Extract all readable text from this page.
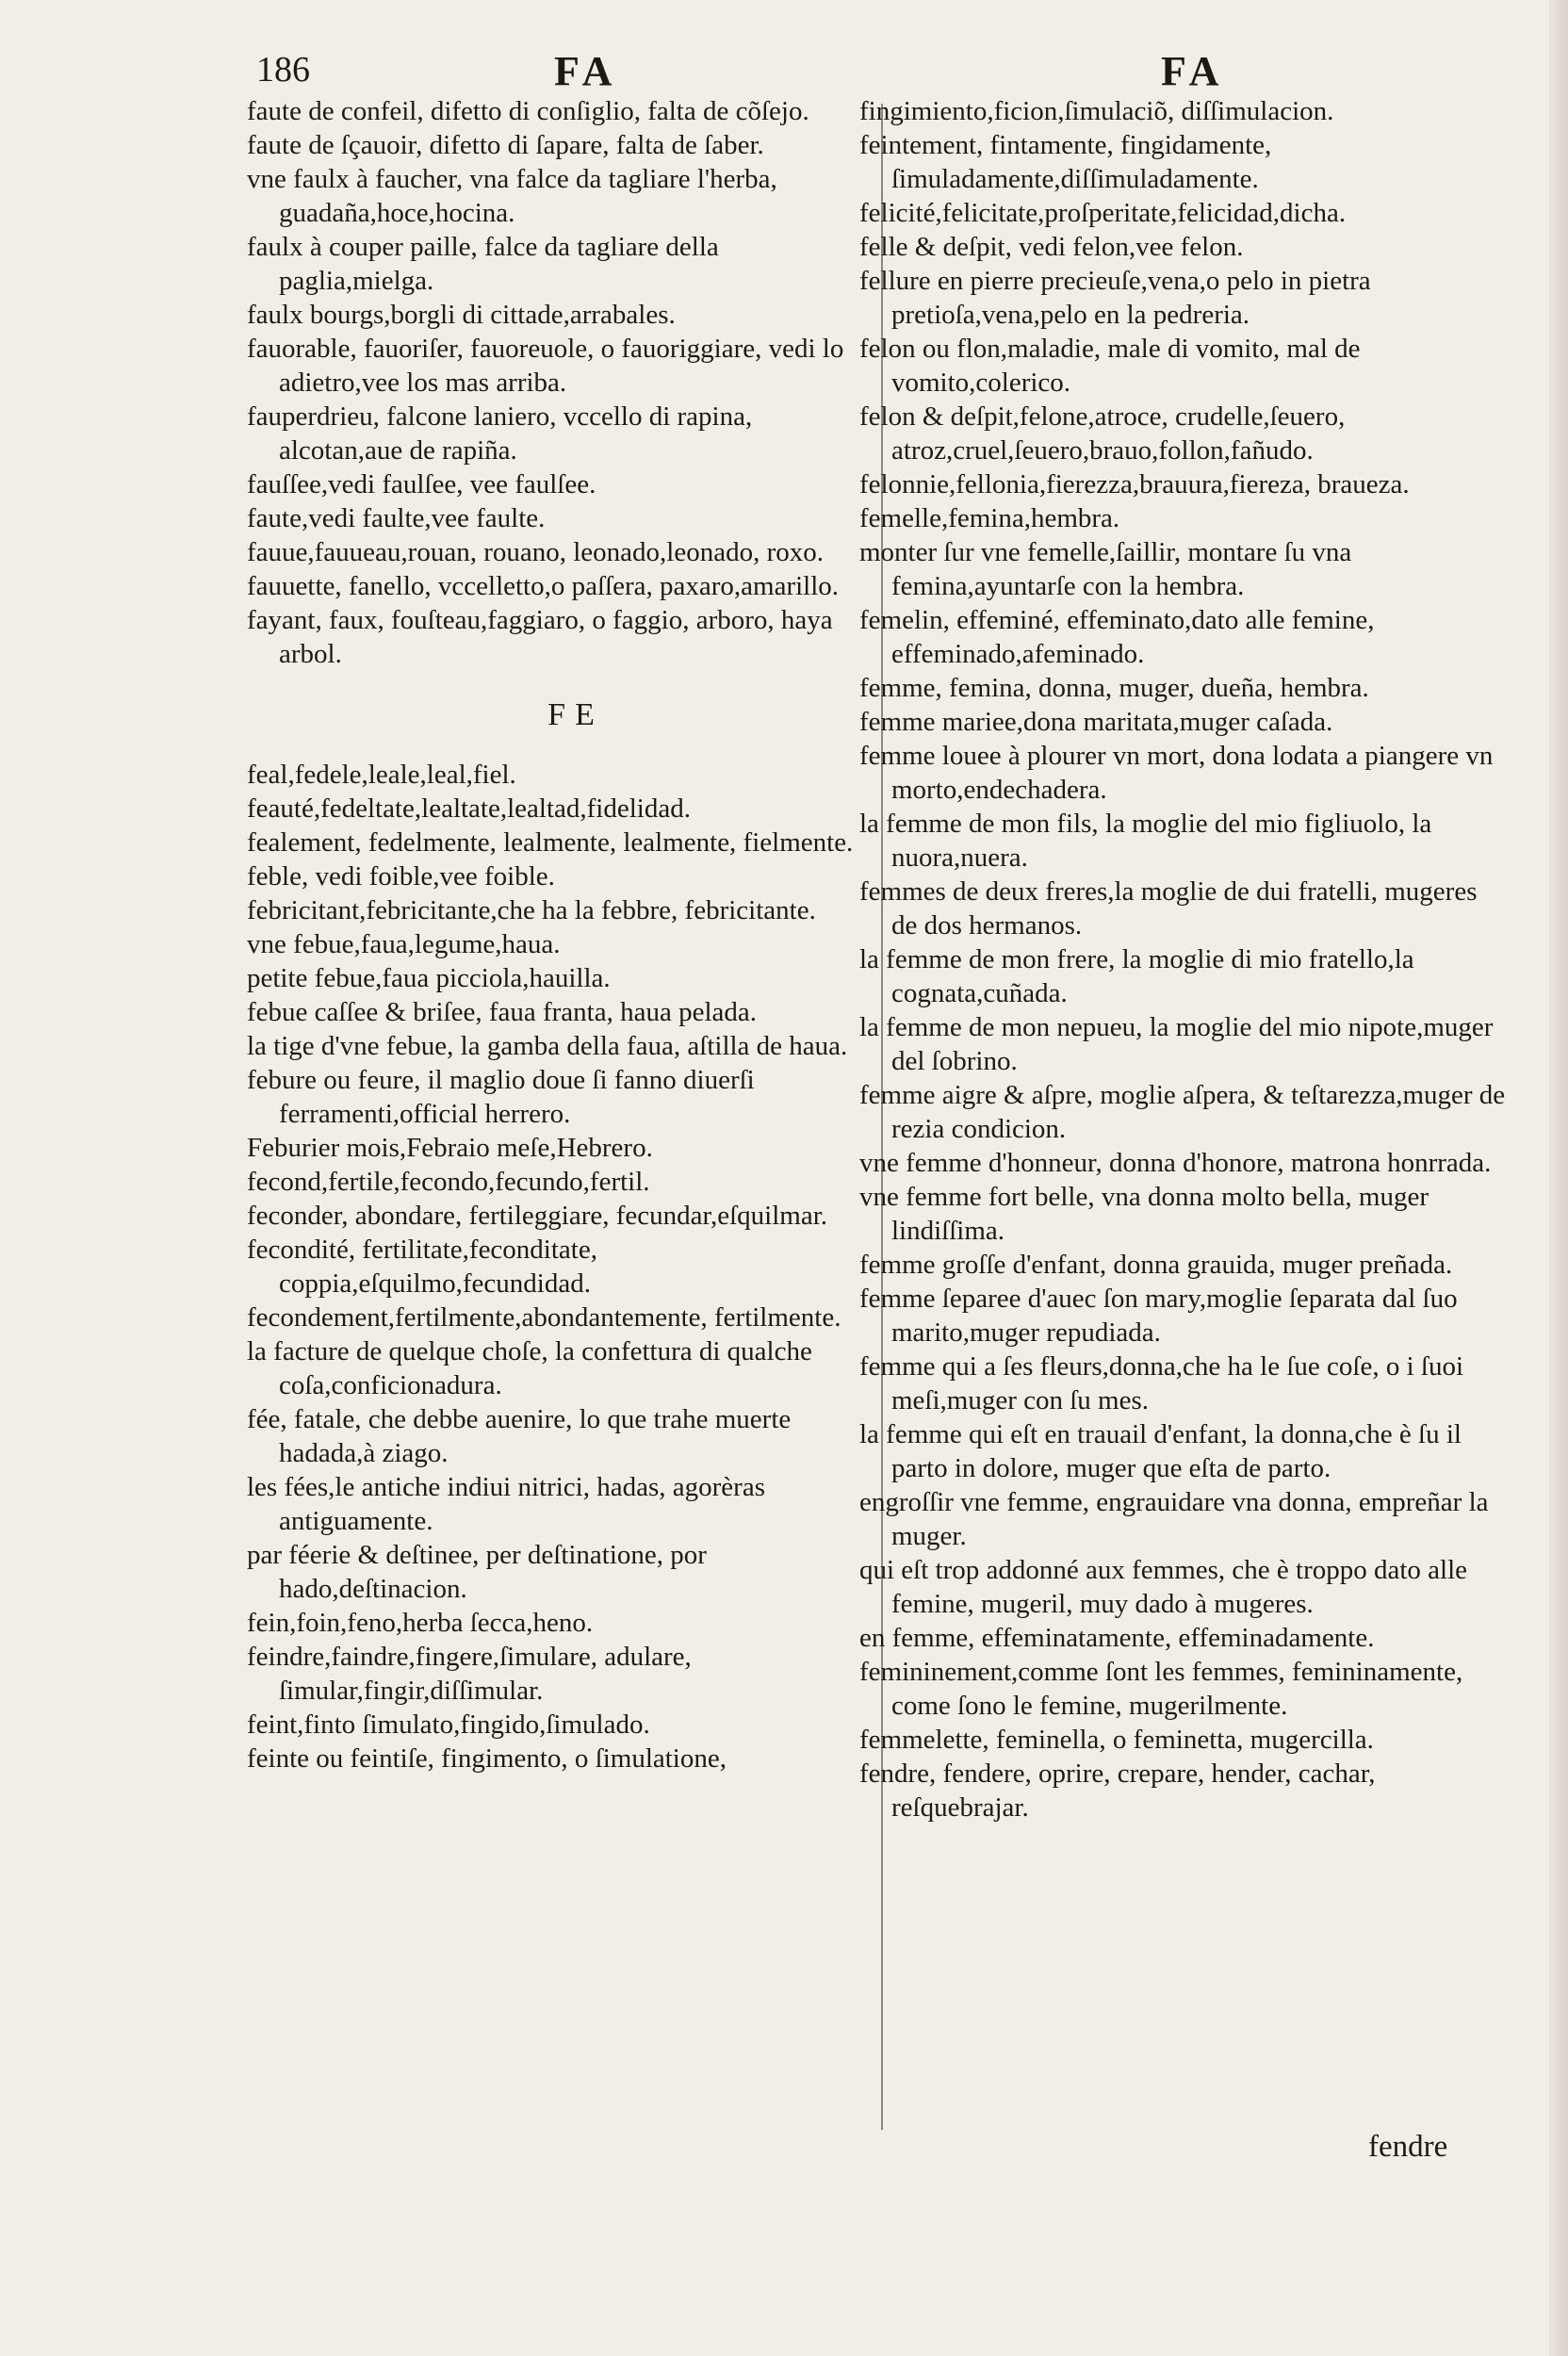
186	FA	FA

faute de confeil, difetto di conſiglio, falta de cõſejo.

faute de ſçauoir, difetto di ſapare, falta de ſaber.

vne faulx à faucher, vna falce da tagliare l'herba, guadaña,hoce,hocina.

faulx à couper paille, falce da tagliare della paglia,mielga.

faulx bourgs,borgli di cittade,arrabales.

fauorable, fauoriſer, fauoreuole, o fauoriggiare, vedi lo adietro,vee los mas arriba.

fauperdrieu, falcone laniero, vccello di rapina, alcotan,aue de rapiña.

fauſſee,vedi faulſee, vee faulſee.

faute,vedi faulte,vee faulte.

fauue,fauueau,rouan, rouano, leonado,leonado, roxo.

fauuette, fanello, vccelletto,o paſſera, paxaro,amarillo.

fayant, faux, fouſteau,faggiaro, o faggio, arboro, haya arbol.

FE

feal,fedele,leale,leal,fiel.

feauté,fedeltate,lealtate,lealtad,fidelidad.

fealement, fedelmente, lealmente, lealmente, fielmente.

feble, vedi foible,vee foible.

febricitant,febricitante,che ha la febbre, febricitante.

vne febue,faua,legume,haua.

petite febue,faua picciola,hauilla.

febue caſſee & briſee, faua franta, haua pelada.

la tige d'vne febue, la gamba della faua, aſtilla de haua.

febure ou feure, il maglio doue ſi fanno diuerſi ferramenti,official herrero.

Feburier mois,Febraio meſe,Hebrero.

fecond,fertile,fecondo,fecundo,fertil.

feconder, abondare, fertileggiare, fecundar,eſquilmar.

fecondité, fertilitate,feconditate, coppia,eſquilmo,fecundidad.

fecondement,fertilmente,abondantemente, fertilmente.

la facture de quelque choſe, la confettura di qualche coſa,conficionadura.

fée, fatale, che debbe auenire, lo que trahe muerte hadada,à ziago.

les fées,le antiche indiui nitrici, hadas, agorèras antiguamente.

par féerie & deſtinee, per deſtinatione, por hado,deſtinacion.

fein,foin,feno,herba ſecca,heno.

feindre,faindre,fingere,ſimulare, adulare, ſimular,fingir,diſſimular.

feint,finto ſimulato,fingido,ſimulado.

feinte ou feintiſe, fingimento, o ſimulatione,

fingimiento,ficion,ſimulaciõ, diſſimulacion.

feintement, fintamente, fingidamente, ſimuladamente,diſſimuladamente.

felicité,felicitate,proſperitate,felicidad,dicha.

felle & deſpit, vedi felon,vee felon.

fellure en pierre precieuſe,vena,o pelo in pietra pretioſa,vena,pelo en la pedreria.

felon ou flon,maladie, male di vomito, mal de vomito,colerico.

felon & deſpit,felone,atroce, crudelle,ſeuero, atroz,cruel,ſeuero,brauo,follon,fañudo.

felonnie,fellonia,fierezza,brauura,fiereza, braueza.

femelle,femina,hembra.

monter ſur vne femelle,ſaillir, montare ſu vna femina,ayuntarſe con la hembra.

femelin, effeminé, effeminato,dato alle femine, effeminado,afeminado.

femme, femina, donna, muger, dueña, hembra.

femme mariee,dona maritata,muger caſada.

femme louee à plourer vn mort, dona lodata a piangere vn morto,endechadera.

la femme de mon fils, la moglie del mio figliuolo, la nuora,nuera.

femmes de deux freres,la moglie de dui fratelli, mugeres de dos hermanos.

la femme de mon frere, la moglie di mio fratello,la cognata,cuñada.

la femme de mon nepueu, la moglie del mio nipote,muger del ſobrino.

femme aigre & aſpre, moglie aſpera, & teſtarezza,muger de rezia condicion.

vne femme d'honneur, donna d'honore, matrona honrrada.

vne femme fort belle, vna donna molto bella, muger lindiſſima.

femme groſſe d'enfant, donna grauida, muger preñada.

femme ſeparee d'auec ſon mary,moglie ſeparata dal ſuo marito,muger repudiada.

femme qui a ſes fleurs,donna,che ha le ſue coſe, o i ſuoi meſi,muger con ſu mes.

la femme qui eſt en trauail d'enfant, la donna,che è ſu il parto in dolore, muger que eſta de parto.

engroſſir vne femme, engrauidare vna donna, empreñar la muger.

qui eſt trop addonné aux femmes, che è troppo dato alle femine, mugeril, muy dado à mugeres.

en femme, effeminatamente, effeminadamente.

femininement,comme ſont les femmes, femininamente, come ſono le femine, mugerilmente.

femmelette, feminella, o feminetta, mugercilla.

fendre, fendere, oprire, crepare, hender, cachar, reſquebrajar.

fendre
